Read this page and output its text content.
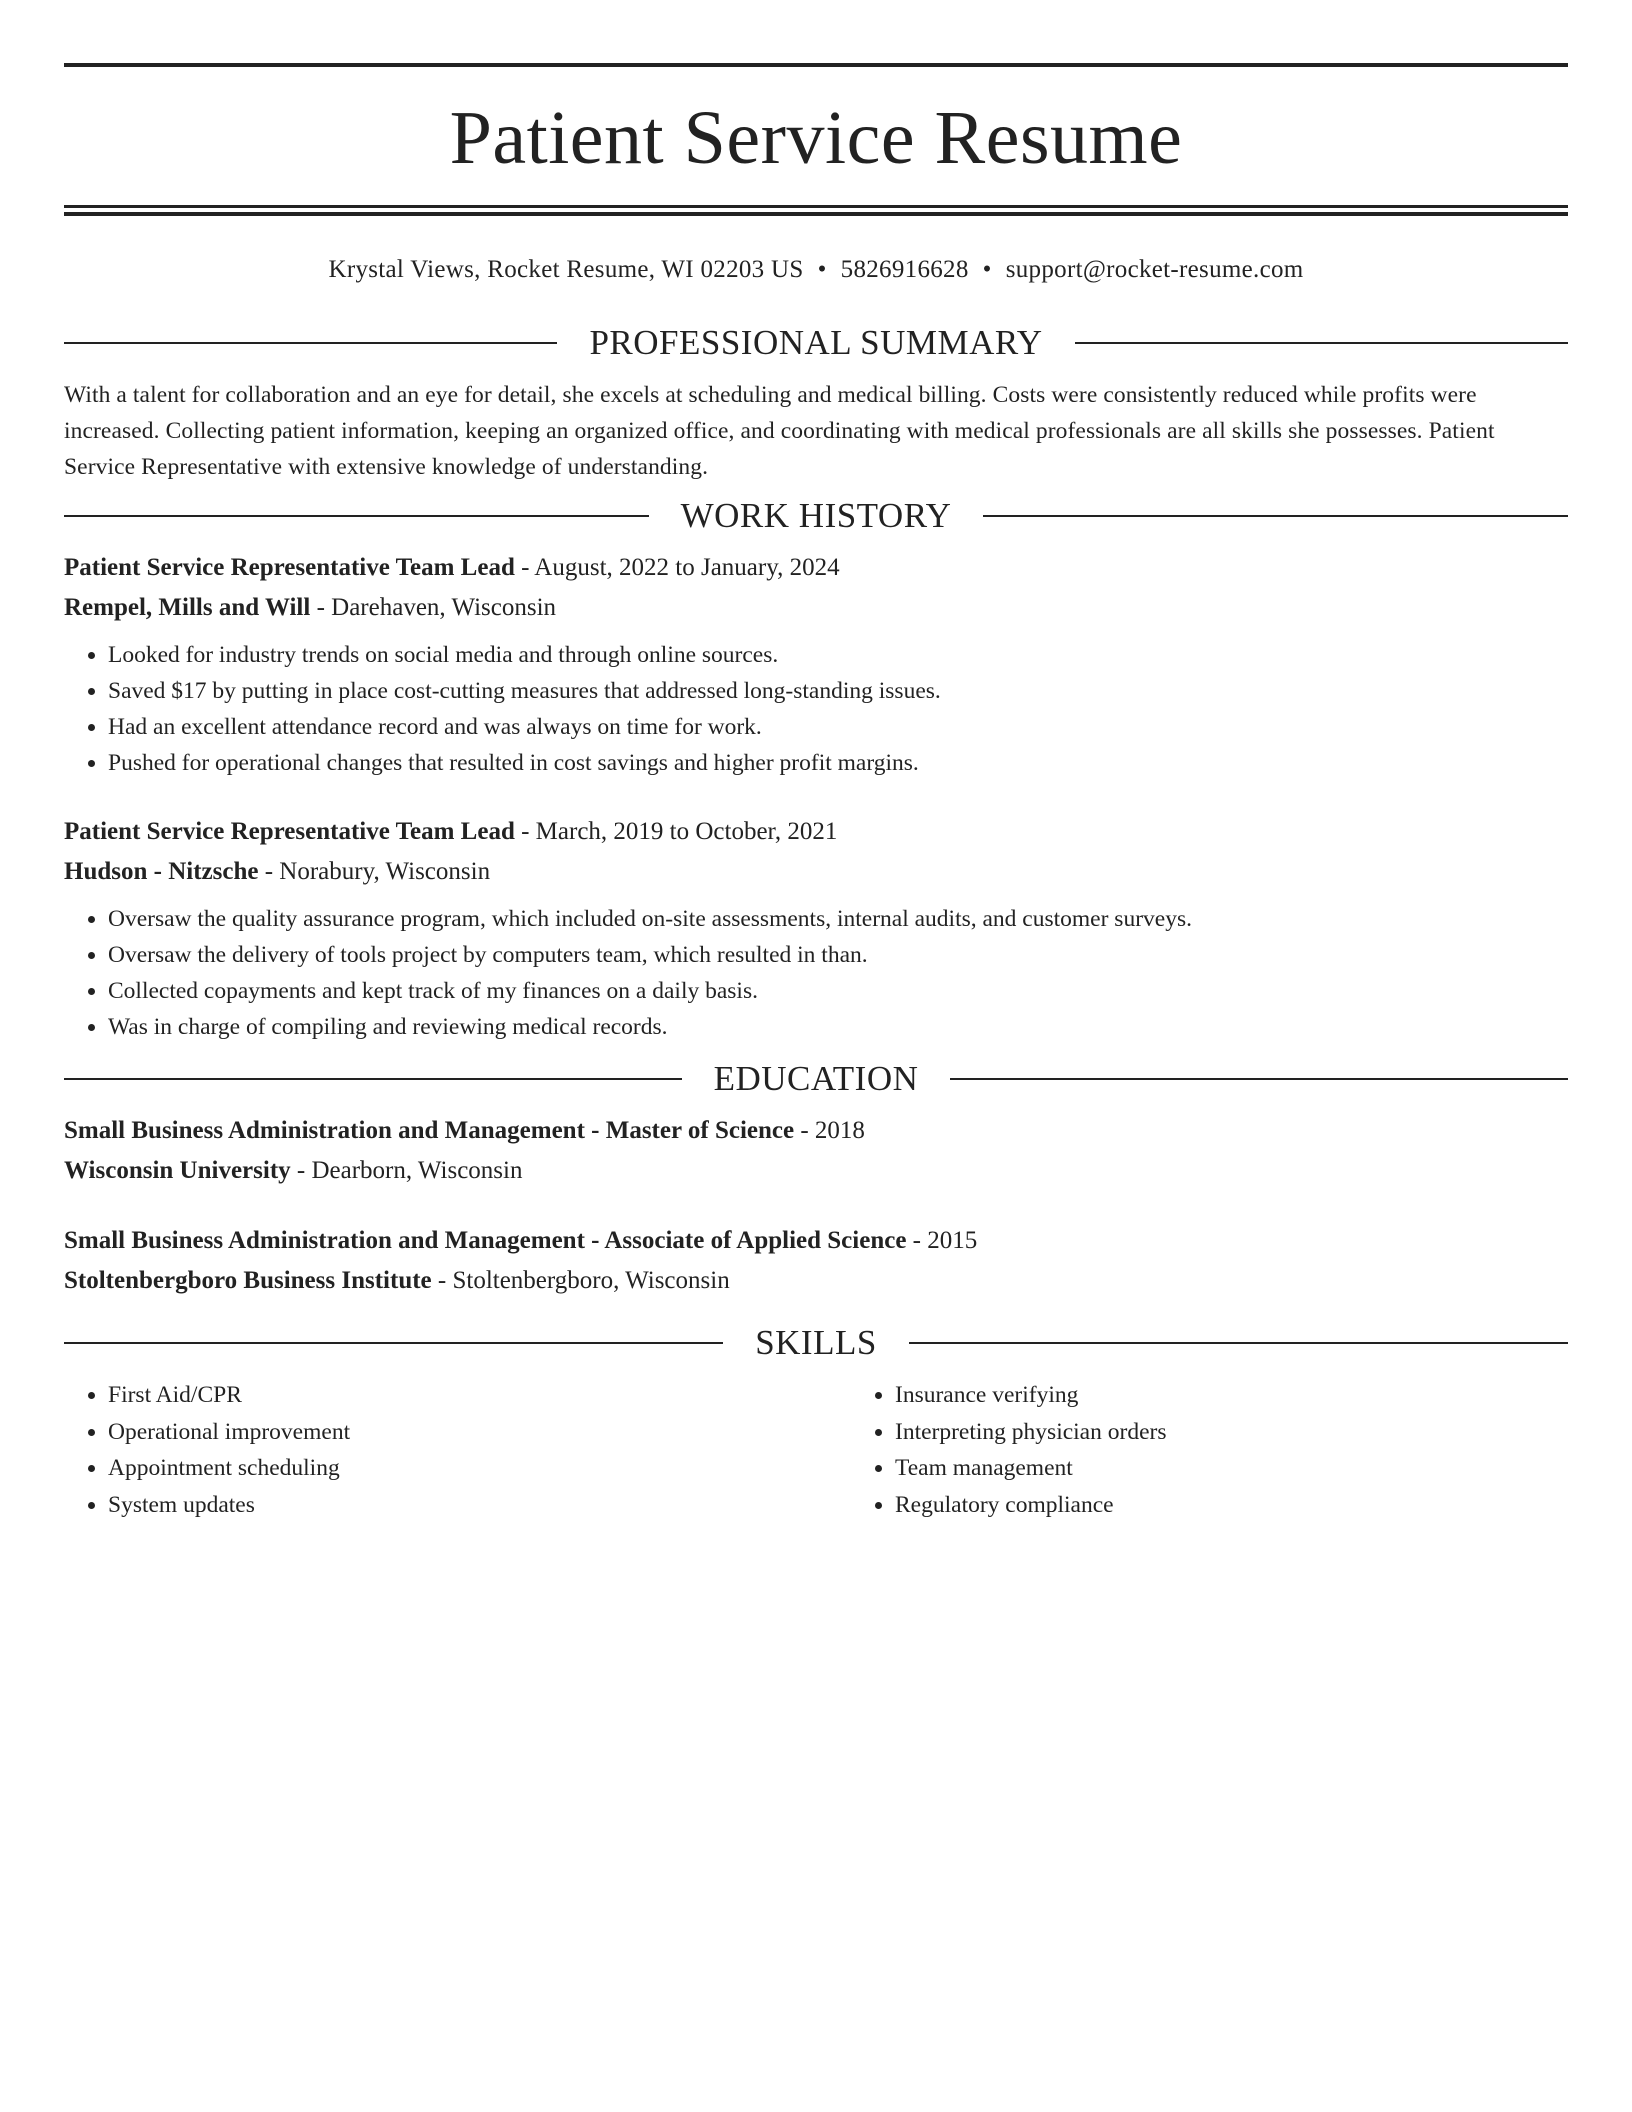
Patient Service Resume
Krystal Views, Rocket Resume, WI 02203 US • 5826916628 • support@rocket-resume.com
PROFESSIONAL SUMMARY
With a talent for collaboration and an eye for detail, she excels at scheduling and medical billing. Costs were consistently reduced while profits were increased. Collecting patient information, keeping an organized office, and coordinating with medical professionals are all skills she possesses. Patient Service Representative with extensive knowledge of understanding.
WORK HISTORY
Patient Service Representative Team Lead - August, 2022 to January, 2024
Rempel, Mills and Will - Darehaven, Wisconsin
• Looked for industry trends on social media and through online sources.
• Saved $17 by putting in place cost-cutting measures that addressed long-standing issues.
• Had an excellent attendance record and was always on time for work.
• Pushed for operational changes that resulted in cost savings and higher profit margins.
Patient Service Representative Team Lead - March, 2019 to October, 2021
Hudson - Nitzsche - Norabury, Wisconsin
• Oversaw the quality assurance program, which included on-site assessments, internal audits, and customer surveys.
• Oversaw the delivery of tools project by computers team, which resulted in than.
• Collected copayments and kept track of my finances on a daily basis.
• Was in charge of compiling and reviewing medical records.
EDUCATION
Small Business Administration and Management - Master of Science - 2018
Wisconsin University - Dearborn, Wisconsin
Small Business Administration and Management - Associate of Applied Science - 2015
Stoltenbergboro Business Institute - Stoltenbergboro, Wisconsin
SKILLS
• First Aid/CPR
• Operational improvement
• Appointment scheduling
• System updates
• Insurance verifying
• Interpreting physician orders
• Team management
• Regulatory compliance
